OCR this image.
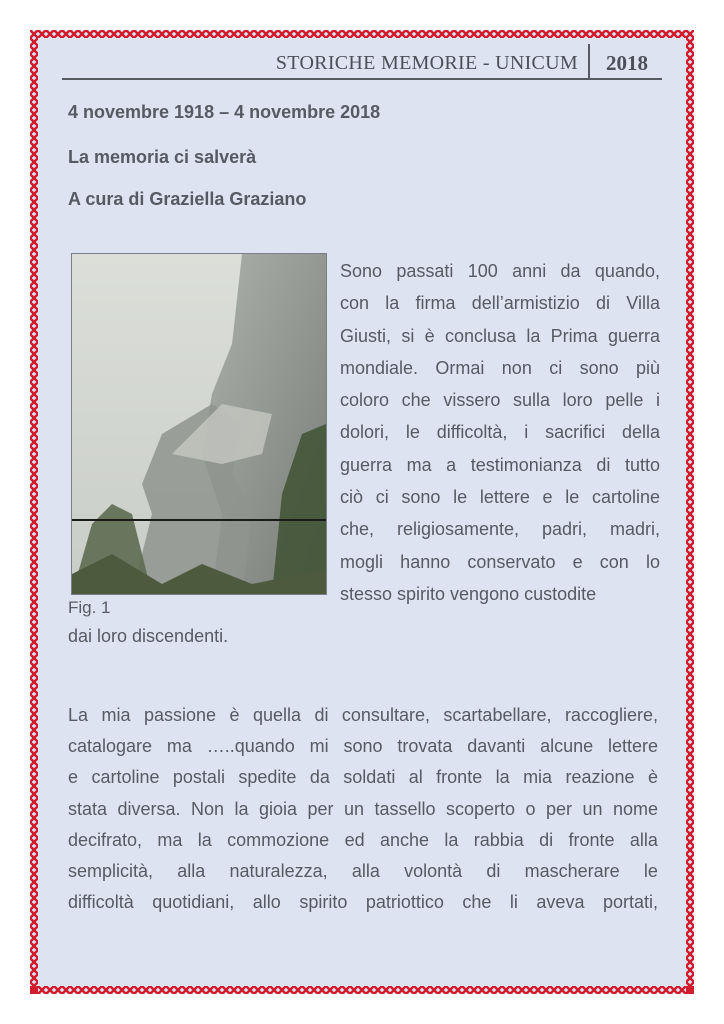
STORICHE MEMORIE - UNICUM 2018
4 novembre 1918 – 4 novembre 2018
La memoria ci salverà
A cura di Graziella Graziano

Sono passati 100 anni da quando,

con la firma dell’armistizio di Villa

Giusti, si è conclusa la Prima guerra

mondiale. Ormai non ci sono più

coloro che vissero sulla loro pelle i

dolori, le difficoltà, i sacrifici della

guerra ma a testimonianza di tutto

ciò ci sono le lettere e le cartoline

che, religiosamente, padri, madri,

mogli hanno conservato e con lo

stesso spirito vengono custodite

Fig. 1
dai loro discendenti.
La mia passione è quella di consultare, scartabellare, raccogliere,
catalogare ma …..quando mi sono trovata davanti alcune lettere
e cartoline postali spedite da soldati al fronte la mia reazione è
stata diversa. Non la gioia per un tassello scoperto o per un nome
decifrato, ma la commozione ed anche la rabbia di fronte alla
semplicità, alla naturalezza, alla volontà di mascherare le
difficoltà quotidiani, allo spirito patriottico che li aveva portati,
